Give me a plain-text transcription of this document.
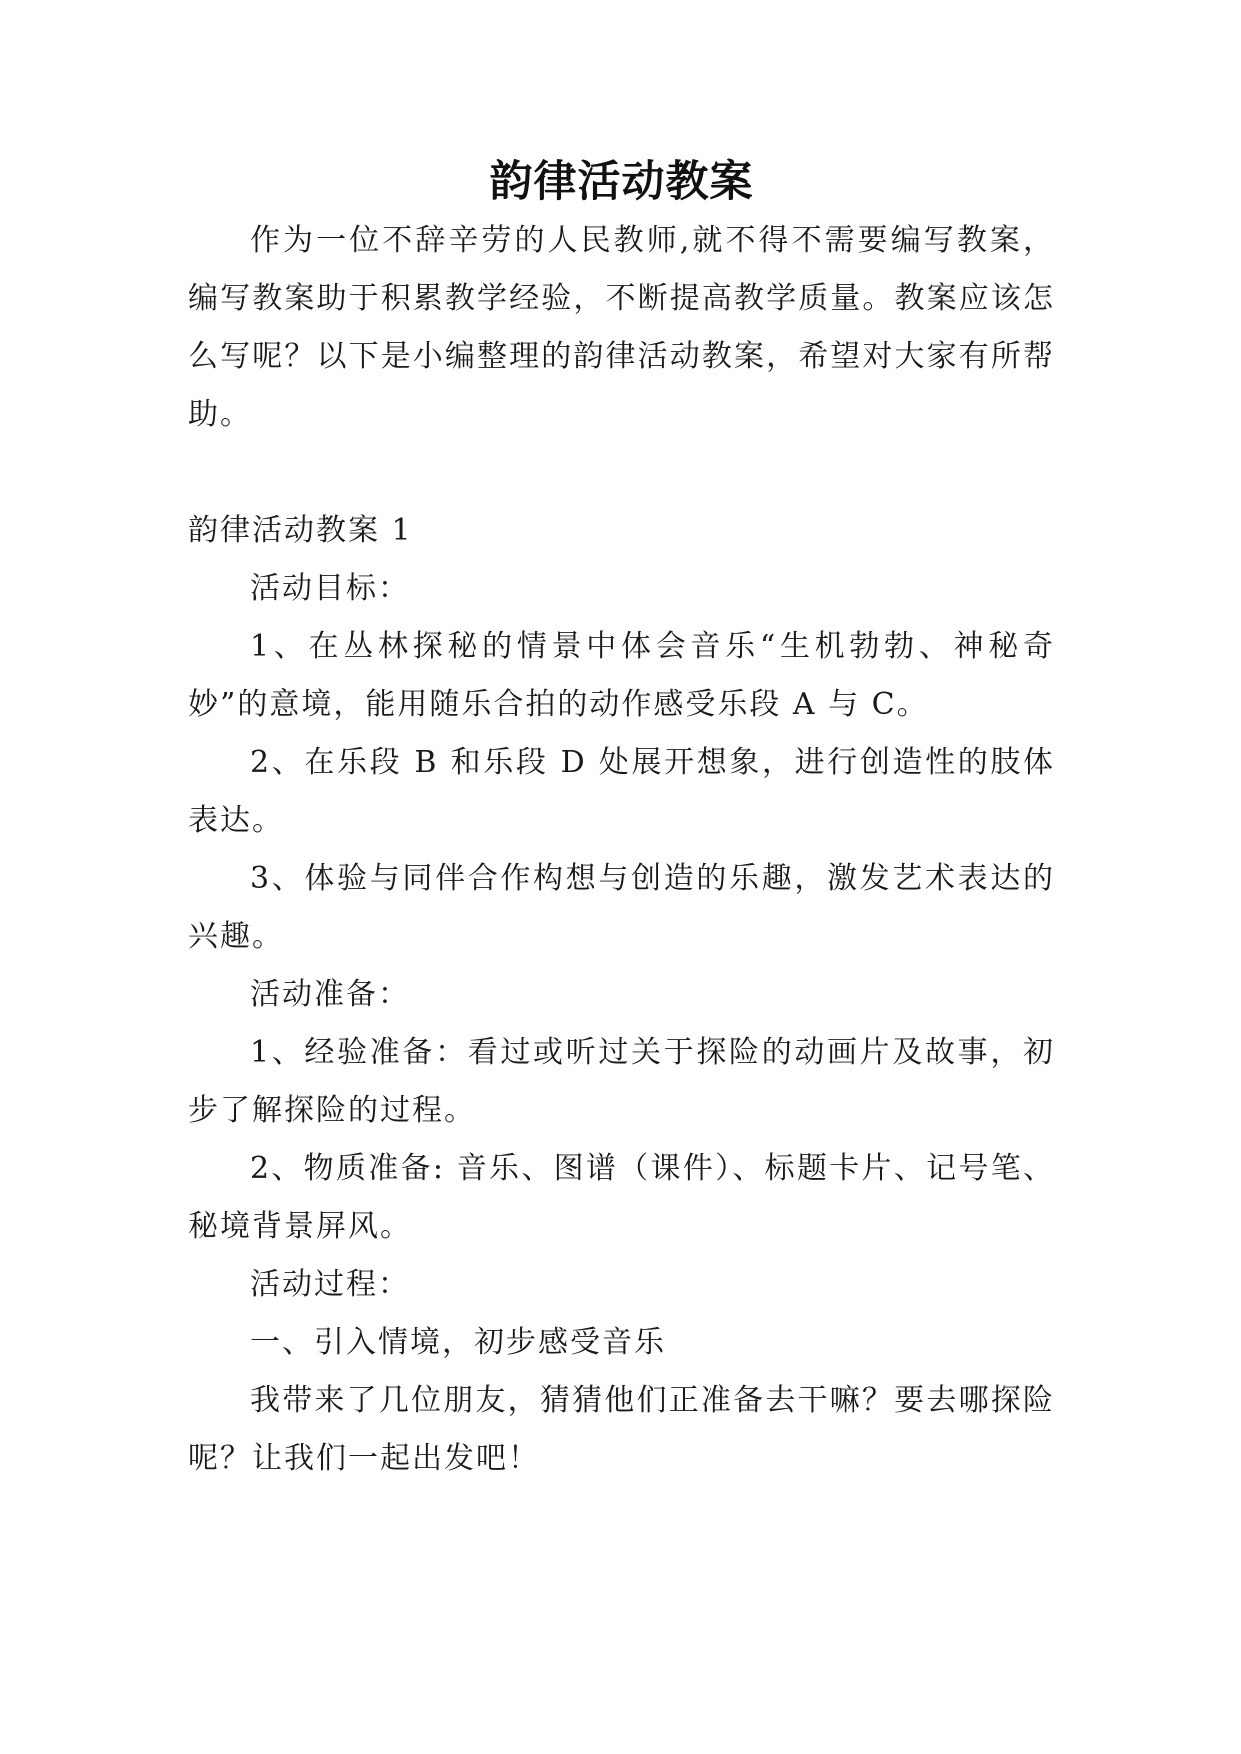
韵律活动教案

作为一位不辞辛劳的人民教师,就不得不需要编写教案，编写教案助于积累教学经验，不断提高教学质量。教案应该怎么写呢？以下是小编整理的韵律活动教案，希望对大家有所帮助。

韵律活动教案 1

活动目标：

1、在丛林探秘的情景中体会音乐“生机勃勃、神秘奇妙”的意境，能用随乐合拍的动作感受乐段 A 与 C。

2、在乐段 B 和乐段 D 处展开想象，进行创造性的肢体表达。

3、体验与同伴合作构想与创造的乐趣，激发艺术表达的兴趣。

活动准备：

1、经验准备：看过或听过关于探险的动画片及故事，初步了解探险的过程。

2、物质准备: 音乐、图谱（课件）、标题卡片、记号笔、秘境背景屏风。

活动过程：

一、引入情境，初步感受音乐

我带来了几位朋友，猜猜他们正准备去干嘛？要去哪探险呢？让我们一起出发吧！
